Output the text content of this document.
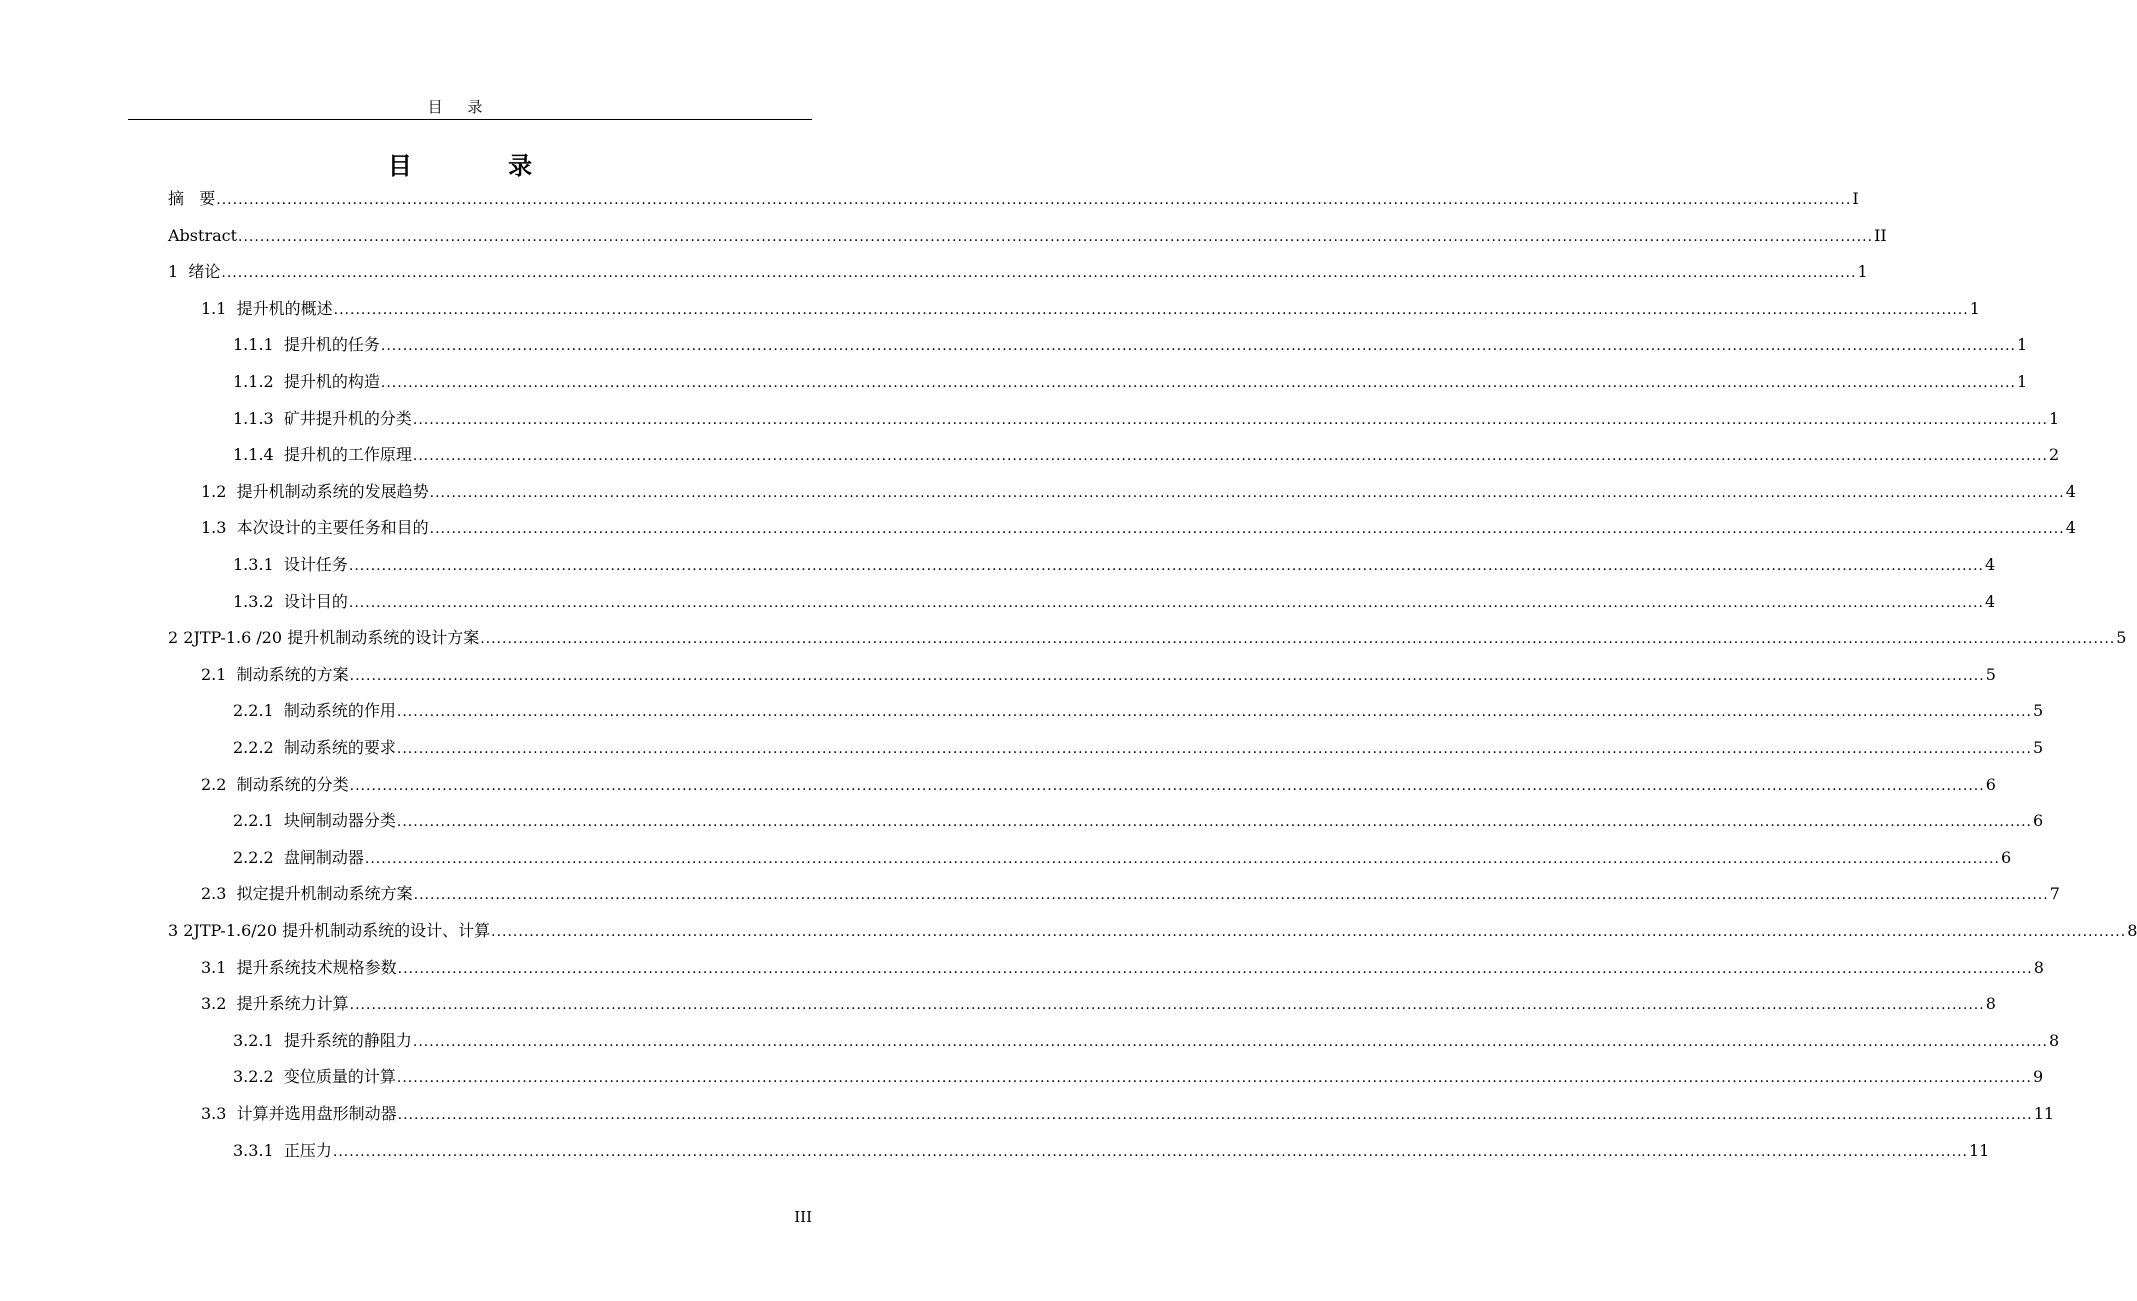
目 录
目 录
摘   要 ............................................................................................................................................................................................................................................................................................................ I
Abstract ............................................................................................................................................................................................................................................................................................................ II
1 绪论 ............................................................................................................................................................................................................................................................................................................ 1
1.1 提升机的概述 ............................................................................................................................................................................................................................................................................................................ 1
1.1.1 提升机的任务 ............................................................................................................................................................................................................................................................................................................ 1
1.1.2 提升机的构造 ............................................................................................................................................................................................................................................................................................................ 1
1.1.3 矿井提升机的分类 ............................................................................................................................................................................................................................................................................................................ 1
1.1.4 提升机的工作原理 ............................................................................................................................................................................................................................................................................................................ 2
1.2 提升机制动系统的发展趋势 ............................................................................................................................................................................................................................................................................................................ 4
1.3 本次设计的主要任务和目的 ............................................................................................................................................................................................................................................................................................................ 4
1.3.1 设计任务 ............................................................................................................................................................................................................................................................................................................ 4
1.3.2 设计目的 ............................................................................................................................................................................................................................................................................................................ 4
2 2JTP-1.6 /20 提升机制动系统的设计方案 ............................................................................................................................................................................................................................................................................................................ 5
2.1 制动系统的方案 ............................................................................................................................................................................................................................................................................................................ 5
2.2.1 制动系统的作用 ............................................................................................................................................................................................................................................................................................................ 5
2.2.2 制动系统的要求 ............................................................................................................................................................................................................................................................................................................ 5
2.2 制动系统的分类 ............................................................................................................................................................................................................................................................................................................ 6
2.2.1 块闸制动器分类 ............................................................................................................................................................................................................................................................................................................ 6
2.2.2 盘闸制动器 ............................................................................................................................................................................................................................................................................................................ 6
2.3 拟定提升机制动系统方案 ............................................................................................................................................................................................................................................................................................................ 7
3 2JTP-1.6/20 提升机制动系统的设计、计算 ............................................................................................................................................................................................................................................................................................................ 8
3.1 提升系统技术规格参数 ............................................................................................................................................................................................................................................................................................................ 8
3.2 提升系统力计算 ............................................................................................................................................................................................................................................................................................................ 8
3.2.1 提升系统的静阻力 ............................................................................................................................................................................................................................................................................................................ 8
3.2.2 变位质量的计算 ............................................................................................................................................................................................................................................................................................................ 9
3.3 计算并选用盘形制动器 ............................................................................................................................................................................................................................................................................................................ 11
3.3.1 正压力 ............................................................................................................................................................................................................................................................................................................ 11
III
